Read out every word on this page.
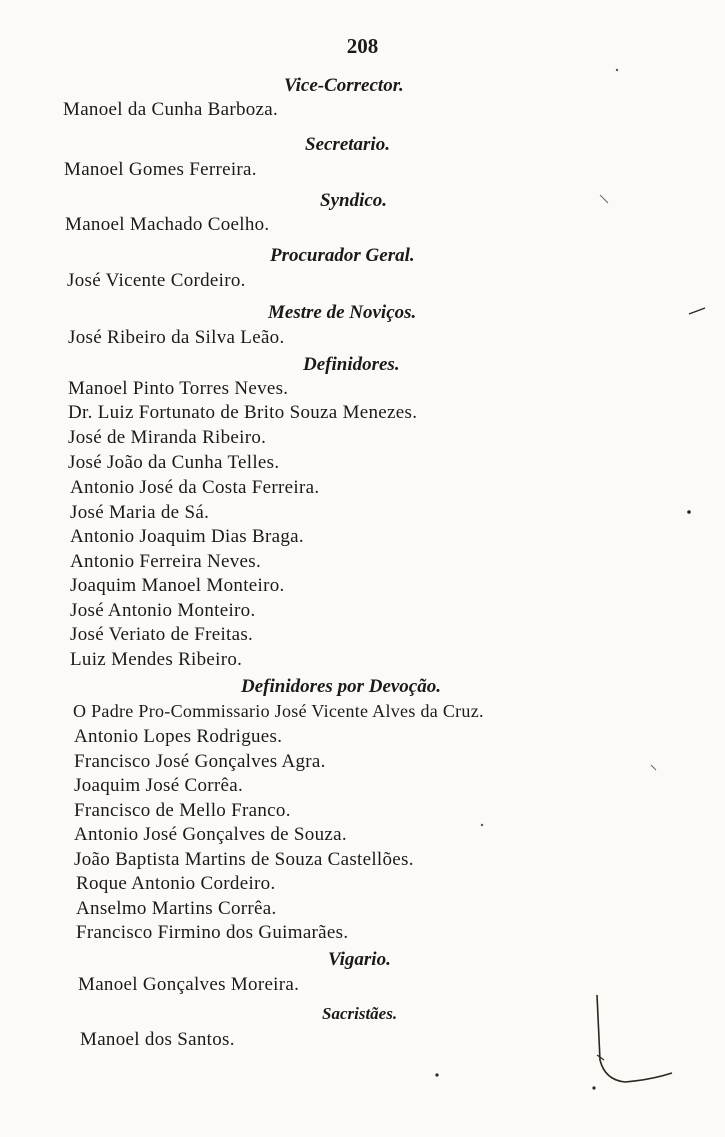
208
Vice-Corrector.
Manoel da Cunha Barboza.
Secretario.
Manoel Gomes Ferreira.
Syndico.
Manoel Machado Coelho.
Procurador Geral.
José Vicente Cordeiro.
Mestre de Noviços.
José Ribeiro da Silva Leão.
Definidores.
Manoel Pinto Torres Neves.
Dr. Luiz Fortunato de Brito Souza Menezes.
José de Miranda Ribeiro.
José João da Cunha Telles.
Antonio José da Costa Ferreira.
José Maria de Sá.
Antonio Joaquim Dias Braga.
Antonio Ferreira Neves.
Joaquim Manoel Monteiro.
José Antonio Monteiro.
José Veriato de Freitas.
Luiz Mendes Ribeiro.
Definidores por Devoção.
O Padre Pro-Commissario José Vicente Alves da Cruz.
Antonio Lopes Rodrigues.
Francisco José Gonçalves Agra.
Joaquim José Corrêa.
Francisco de Mello Franco.
Antonio José Gonçalves de Souza.
João Baptista Martins de Souza Castellões.
Roque Antonio Cordeiro.
Anselmo Martins Corrêa.
Francisco Firmino dos Guimarães.
Vigario.
Manoel Gonçalves Moreira.
Sacristães.
Manoel dos Santos.
